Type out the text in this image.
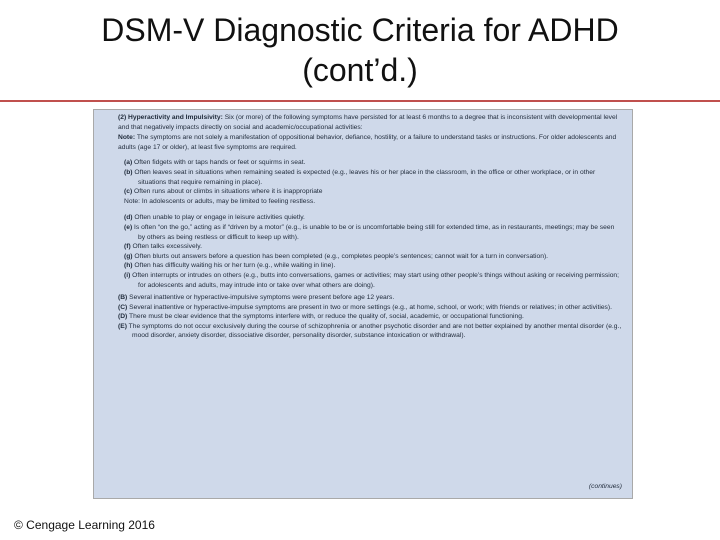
DSM-V Diagnostic Criteria for ADHD
(cont’d.)

(2) Hyperactivity and Impulsivity: Six (or more) of the following symptoms have persisted for at least 6 months to a degree that is inconsistent with developmental level and that negatively impacts directly on social and academic/occupational activities:

Note: The symptoms are not solely a manifestation of oppositional behavior, defiance, hostility, or a failure to understand tasks or instructions. For older adolescents and adults (age 17 or older), at least five symptoms are required.

(a) Often fidgets with or taps hands or feet or squirms in seat.

(b) Often leaves seat in situations when remaining seated is expected (e.g., leaves his or her place in the classroom, in the office or other workplace, or in other situations that require remaining in place).

(c) Often runs about or climbs in situations where it is inappropriate

Note: In adolescents or adults, may be limited to feeling restless.

(d) Often unable to play or engage in leisure activities quietly.

(e) Is often “on the go,” acting as if “driven by a motor” (e.g., is unable to be or is uncomfortable being still for extended time, as in restaurants, meetings; may be seen by others as being restless or difficult to keep up with).

(f) Often talks excessively.

(g) Often blurts out answers before a question has been completed (e.g., completes people’s sentences; cannot wait for a turn in conversation).

(h) Often has difficulty waiting his or her turn (e.g., while waiting in line).

(i) Often interrupts or intrudes on others (e.g., butts into conversations, games or activities; may start using other people’s things without asking or receiving permission; for adolescents and adults, may intrude into or take over what others are doing).

(B) Several inattentive or hyperactive-impulsive symptoms were present before age 12 years.

(C) Several inattentive or hyperactive-impulse symptoms are present in two or more settings (e.g., at home, school, or work; with friends or relatives; in other activities).

(D) There must be clear evidence that the symptoms interfere with, or reduce the quality of, social, academic, or occupational functioning.

(E) The symptoms do not occur exclusively during the course of schizophrenia or another psychotic disorder and are not better explained by another mental disorder (e.g., mood disorder, anxiety disorder, dissociative disorder, personality disorder, substance intoxication or withdrawal).

(continues)
© Cengage Learning 2016
